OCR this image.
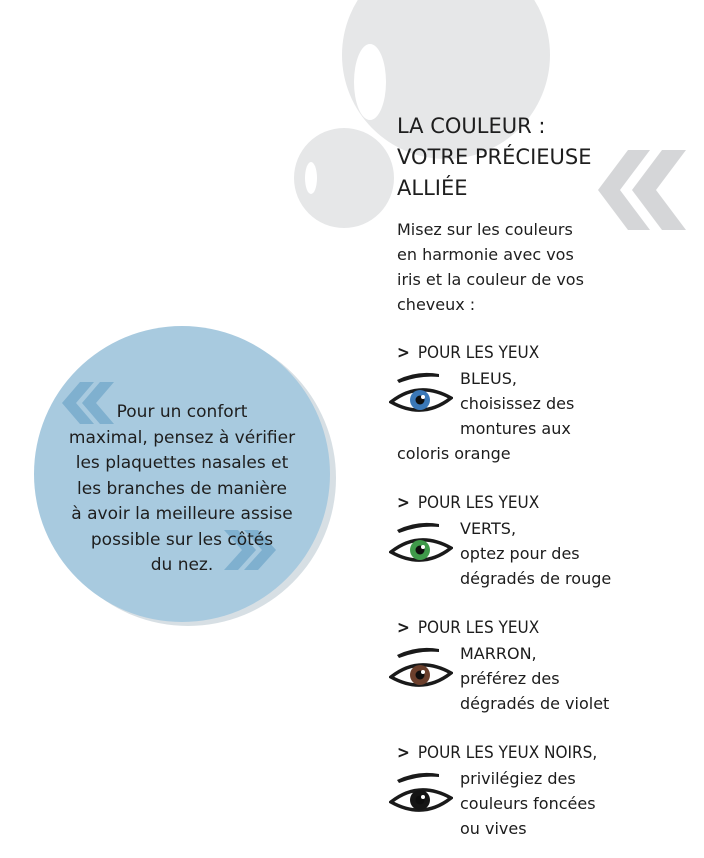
LA COULEUR :
VOTRE PRÉCIEUSE
ALLIÉE
Misez sur les couleurs
en harmonie avec vos
iris et la couleur de vos
cheveux :
> POUR LES YEUX
BLEUS,
choisissez des
montures aux
coloris orange
> POUR LES YEUX
VERTS,
optez pour des
dégradés de rouge
> POUR LES YEUX
MARRON,
préférez des
dégradés de violet
> POUR LES YEUX NOIRS,
privilégiez des
couleurs foncées
ou vives
Pour un confort
maximal, pensez à vérifier
les plaquettes nasales et
les branches de manière
à avoir la meilleure assise
possible sur les côtés
du nez.
